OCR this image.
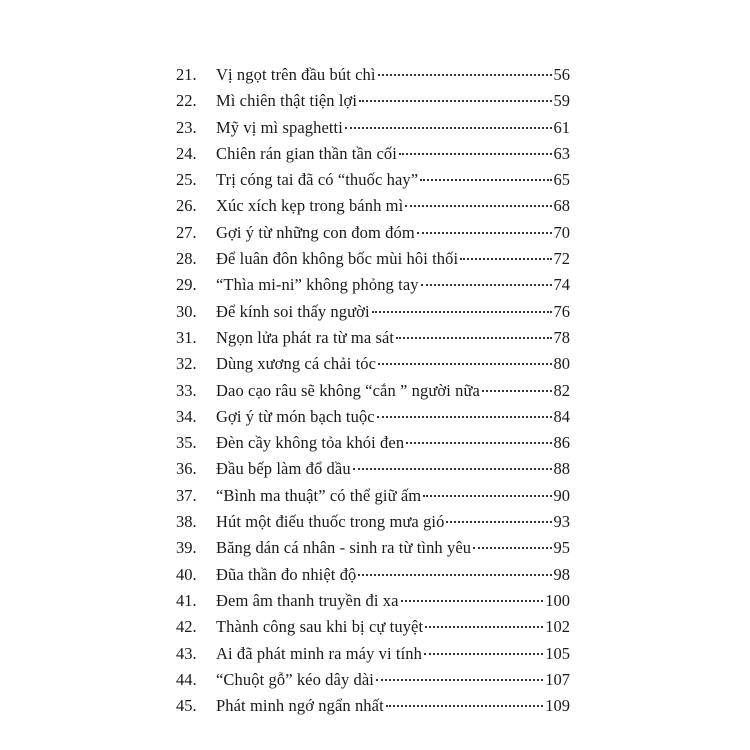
21.	Vị ngọt trên đầu bút chì	56
22.	Mì chiên thật tiện lợi	59
23.	Mỹ vị mì spaghetti	61
24.	Chiên rán gian thần tần cối	63
25.	Trị cóng tai đã có “thuốc hay”	65
26.	Xúc xích kẹp trong bánh mì	68
27.	Gợi ý từ những con đom đóm	70
28.	Để luân đôn không bốc mùi hôi thối	72
29.	“Thìa mi-ni” không phỏng tay	74
30.	Để kính soi thấy người	76
31.	Ngọn lửa phát ra từ ma sát	78
32.	Dùng xương cá chải tóc	80
33.	Dao cạo râu sẽ không “cắn ” người nữa	82
34.	Gợi ý từ món bạch tuộc	84
35.	Đèn cầy không tỏa khói đen	86
36.	Đầu bếp làm đổ dầu	88
37.	“Bình ma thuật” có thể giữ ấm	90
38.	Hút một điếu thuốc trong mưa gió	93
39.	Băng dán cá nhân - sinh ra từ tình yêu	95
40.	Đũa thần đo nhiệt độ	98
41.	Đem âm thanh truyền đi xa	100
42.	Thành công sau khi bị cự tuyệt	102
43.	Ai đã phát minh ra máy vi tính	105
44.	“Chuột gỗ” kéo dây dài	107
45.	Phát minh ngớ ngẩn nhất	109
